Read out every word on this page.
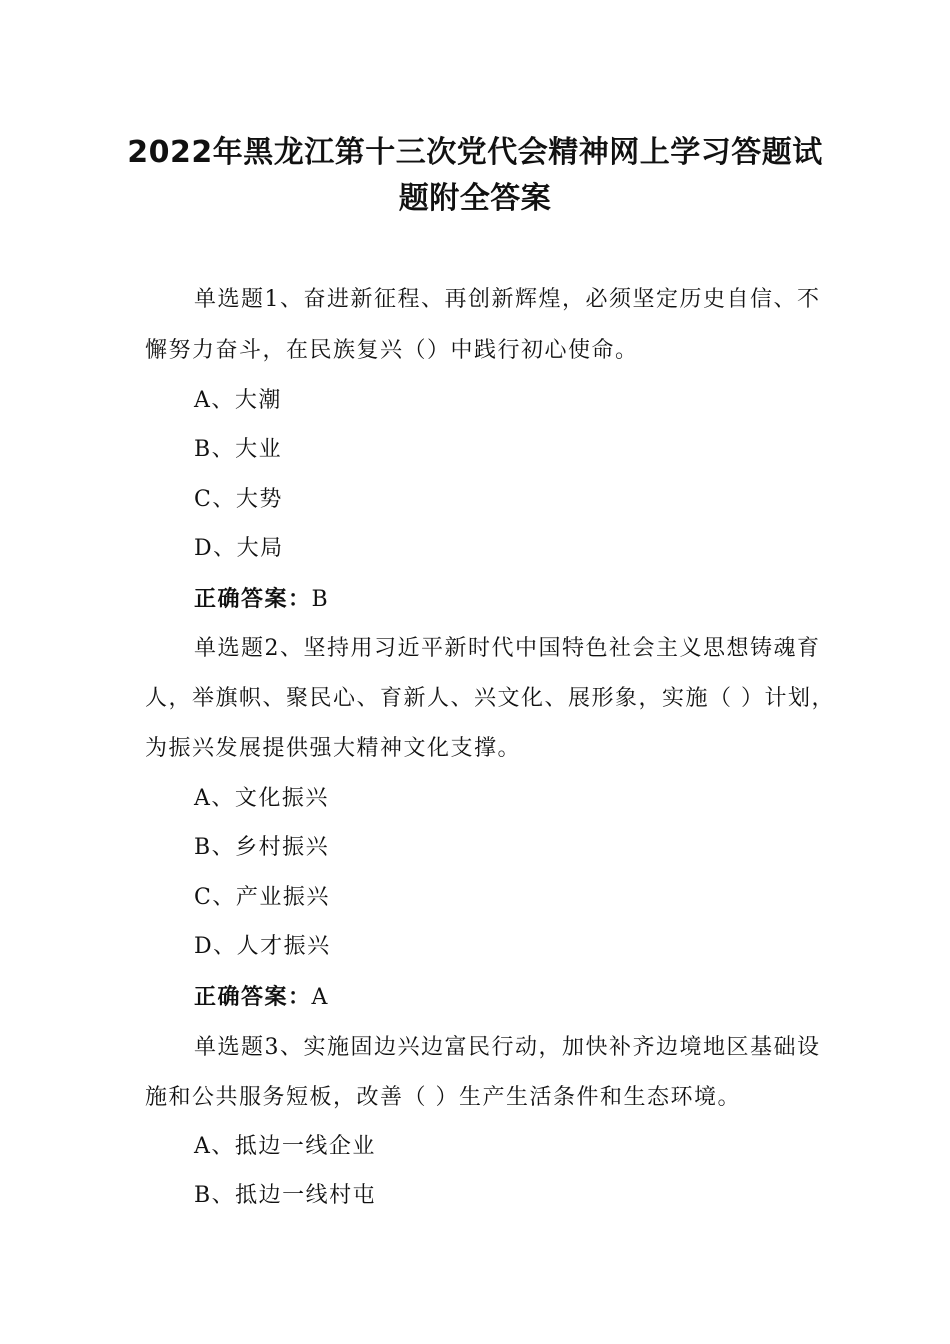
2022年黑龙江第十三次党代会精神网上学习答题试
题附全答案
单选题1、奋进新征程、再创新辉煌，必须坚定历史自信、不
懈努力奋斗，在民族复兴（）中践行初心使命。
A、大潮
B、大业
C、大势
D、大局
正确答案：B
单选题2、坚持用习近平新时代中国特色社会主义思想铸魂育
人，举旗帜、聚民心、育新人、兴文化、展形象，实施（ ）计划，
为振兴发展提供强大精神文化支撑。
A、文化振兴
B、乡村振兴
C、产业振兴
D、人才振兴
正确答案：A
单选题3、实施固边兴边富民行动，加快补齐边境地区基础设
施和公共服务短板，改善（ ）生产生活条件和生态环境。
A、抵边一线企业
B、抵边一线村屯
